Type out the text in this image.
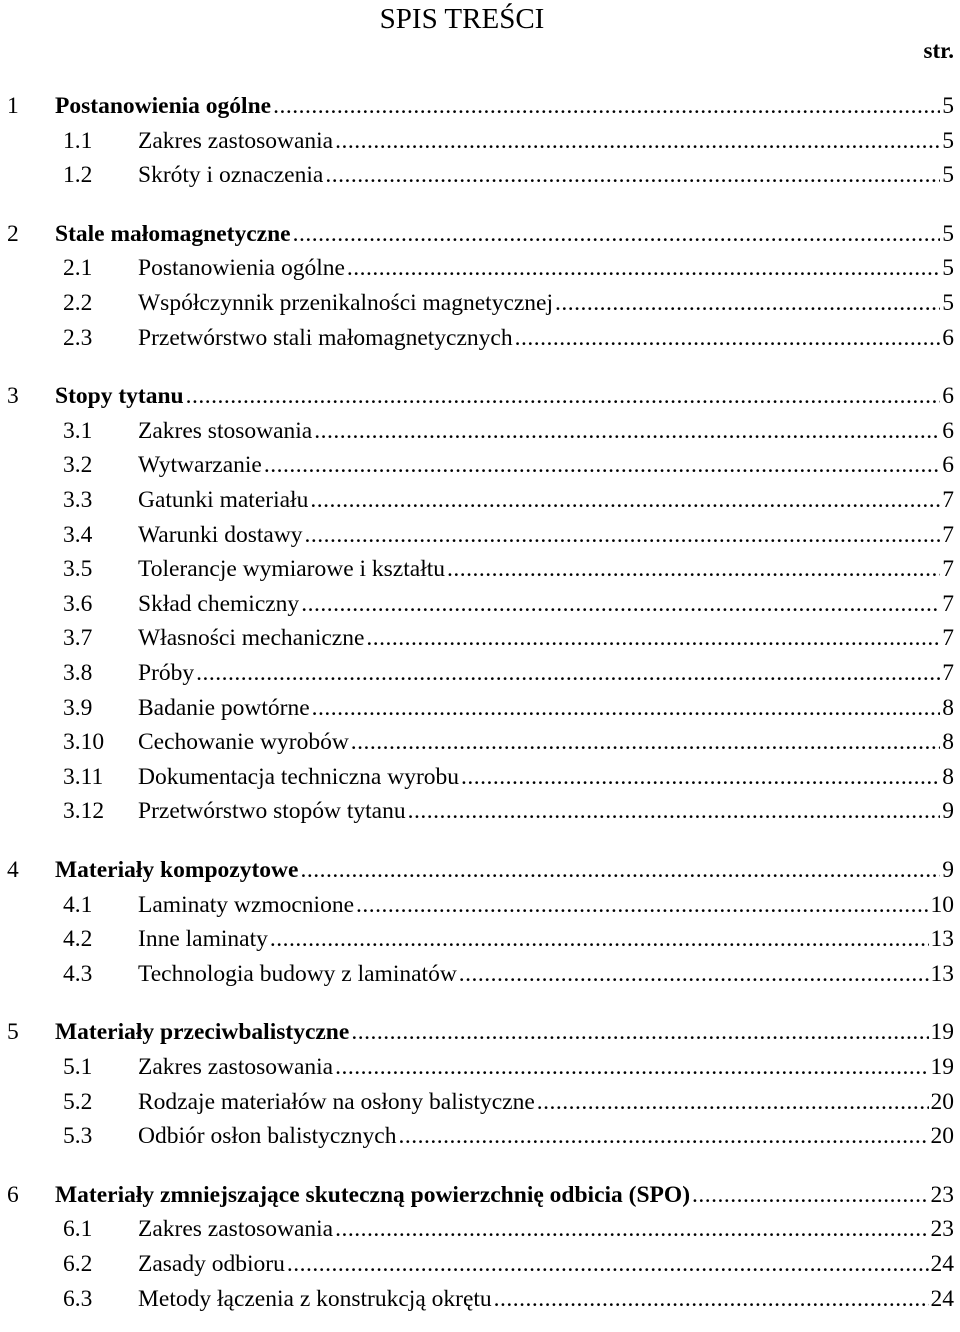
SPIS TREŚCI
str.
1 Postanowienia ogólne .....	5
1.1 Zakres zastosowania .....	5
1.2 Skróty i oznaczenia .....	5
2 Stale małomagnetyczne .....	5
2.1 Postanowienia ogólne .....	5
2.2 Współczynnik przenikalności magnetycznej .....	5
2.3 Przetwórstwo stali małomagnetycznych .....	6
3 Stopy tytanu .....	6
3.1 Zakres stosowania .....	6
3.2 Wytwarzanie .....	6
3.3 Gatunki materiału .....	7
3.4 Warunki dostawy .....	7
3.5 Tolerancje wymiarowe i kształtu .....	7
3.6 Skład chemiczny .....	7
3.7 Własności mechaniczne .....	7
3.8 Próby .....	7
3.9 Badanie powtórne .....	8
3.10 Cechowanie wyrobów .....	8
3.11 Dokumentacja techniczna wyrobu .....	8
3.12 Przetwórstwo stopów tytanu .....	9
4 Materiały kompozytowe .....	9
4.1 Laminaty wzmocnione .....	10
4.2 Inne laminaty .....	13
4.3 Technologia budowy z laminatów .....	13
5 Materiały przeciwbalistyczne .....	19
5.1 Zakres zastosowania .....	19
5.2 Rodzaje materiałów na osłony balistyczne .....	20
5.3 Odbiór osłon balistycznych .....	20
6 Materiały zmniejszające skuteczną powierzchnię odbicia (SPO) .....	23
6.1 Zakres zastosowania .....	23
6.2 Zasady odbioru .....	24
6.3 Metody łączenia z konstrukcją okrętu .....	24
